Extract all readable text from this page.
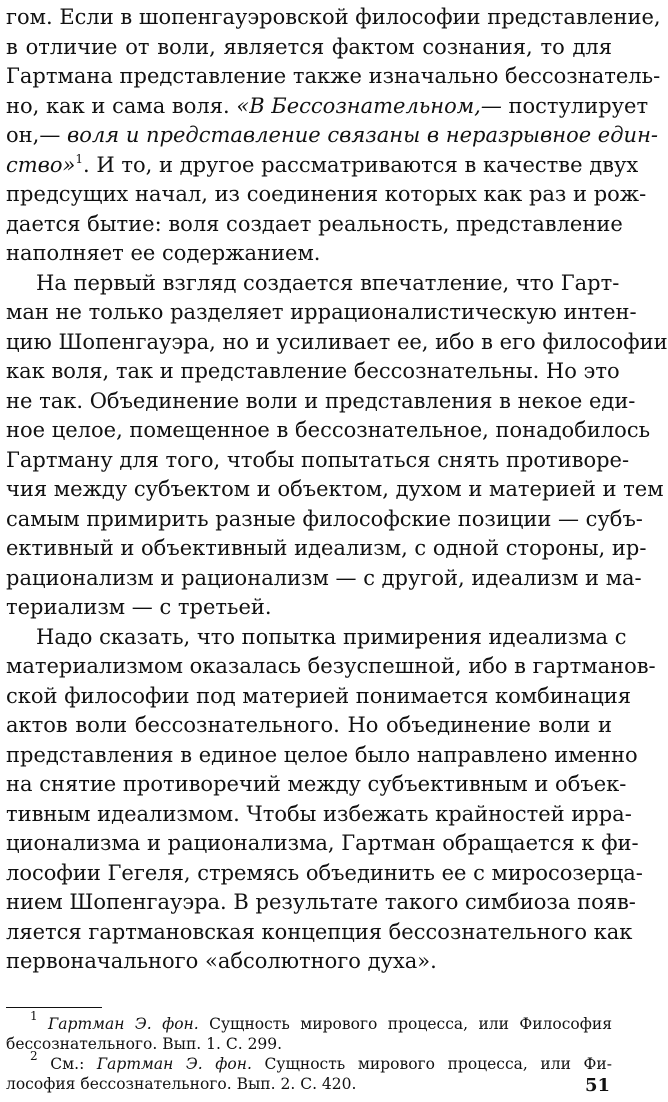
гом. Если в шопенгауэровской философии представление,
в отличие от воли, является фактом сознания, то для
Гартмана представление также изначально бессознатель-
но, как и сама воля. «В Бессознательном,— постулирует
он,— воля и представление связаны в неразрывное един-
ство»$^1$. И то, и другое рассматриваются в качестве двух
предсущих начал, из соединения которых как раз и рож-
дается бытие: воля создает реальность, представление
наполняет ее содержанием.
На первый взгляд создается впечатление, что Гарт-
ман не только разделяет иррационалистическую интен-
цию Шопенгауэра, но и усиливает ее, ибо в его философии
как воля, так и представление бессознательны. Но это
не так. Объединение воли и представления в некое еди-
ное целое, помещенное в бессознательное, понадобилось
Гартману для того, чтобы попытаться снять противоре-
чия между субъектом и объектом, духом и материей и тем
самым примирить разные философские позиции — субъ-
ективный и объективный идеализм, с одной стороны, ир-
рационализм и рационализм — с другой, идеализм и ма-
териализм — с третьей.
Надо сказать, что попытка примирения идеализма с
материализмом оказалась безуспешной, ибо в гартманов-
ской философии под материей понимается комбинация
актов воли бессознательного. Но объединение воли и
представления в единое целое было направлено именно
на снятие противоречий между субъективным и объек-
тивным идеализмом. Чтобы избежать крайностей ирра-
ционализма и рационализма, Гартман обращается к фи-
лософии Гегеля, стремясь объединить ее с миросозерца-
нием Шопенгауэра. В результате такого симбиоза появ-
ляется гартмановская концепция бессознательного как
первоначального «абсолютного духа».
$^1$ Гартман Э. фон. Сущность мирового процесса, или Философия
бессознательного. Вып. 1. С. 299.
$^2$ См.: Гартман Э. фон. Сущность мирового процесса, или Фи-
лософия бессознательного. Вып. 2. С. 420.	51
